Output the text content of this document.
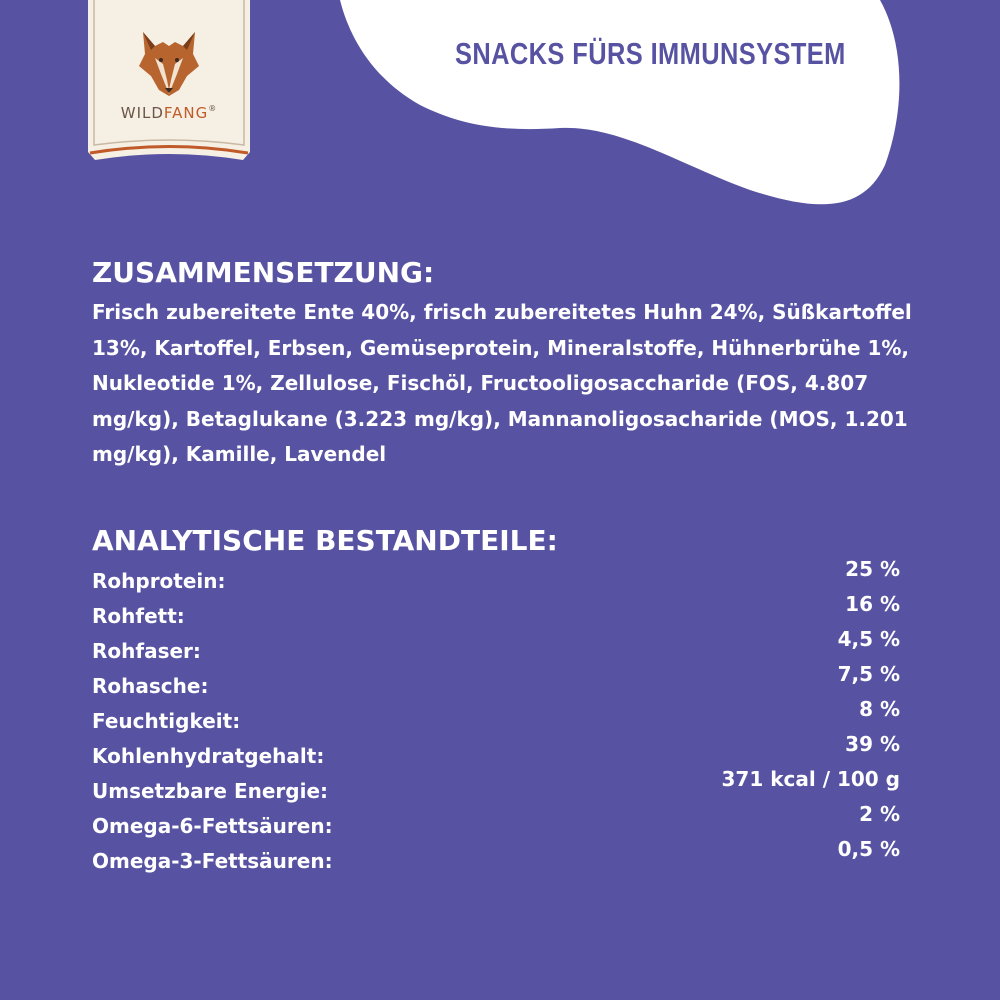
WILDFANG®
SNACKS FÜRS IMMUNSYSTEM
ZUSAMMENSETZUNG:
Frisch zubereitete Ente 40%, frisch zubereitetes Huhn 24%, Süßkartoffel 13%, Kartoffel, Erbsen, Gemüseprotein, Mineralstoffe, Hühnerbrühe 1%, Nukleotide 1%, Zellulose, Fischöl, Fructooligosaccharide (FOS, 4.807 mg/kg), Betaglukane (3.223 mg/kg), Mannanoligosacharide (MOS, 1.201 mg/kg), Kamille, Lavendel
ANALYTISCHE BESTANDTEILE:
Rohprotein:	25 %
Rohfett:	16 %
Rohfaser:	4,5 %
Rohasche:	7,5 %
Feuchtigkeit:	8 %
Kohlenhydratgehalt:	39 %
Umsetzbare Energie:	371 kcal / 100 g
Omega-6-Fettsäuren:	2 %
Omega-3-Fettsäuren:	0,5 %
